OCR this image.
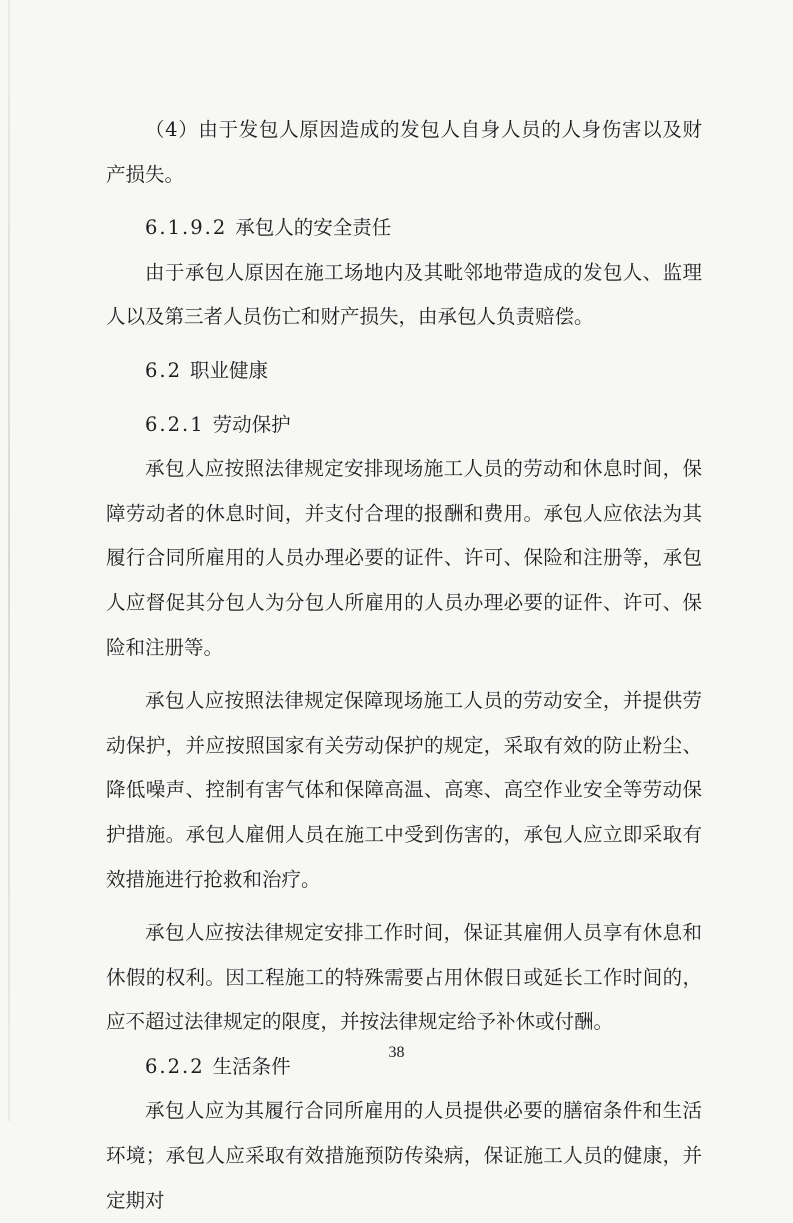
（4）由于发包人原因造成的发包人自身人员的人身伤害以及财产损失。

6.1.9.2 承包人的安全责任

由于承包人原因在施工场地内及其毗邻地带造成的发包人、监理人以及第三者人员伤亡和财产损失，由承包人负责赔偿。

6.2 职业健康

6.2.1 劳动保护

承包人应按照法律规定安排现场施工人员的劳动和休息时间，保障劳动者的休息时间，并支付合理的报酬和费用。承包人应依法为其履行合同所雇用的人员办理必要的证件、许可、保险和注册等，承包人应督促其分包人为分包人所雇用的人员办理必要的证件、许可、保险和注册等。

承包人应按照法律规定保障现场施工人员的劳动安全，并提供劳动保护，并应按照国家有关劳动保护的规定，采取有效的防止粉尘、降低噪声、控制有害气体和保障高温、高寒、高空作业安全等劳动保护措施。承包人雇佣人员在施工中受到伤害的，承包人应立即采取有效措施进行抢救和治疗。

承包人应按法律规定安排工作时间，保证其雇佣人员享有休息和休假的权利。因工程施工的特殊需要占用休假日或延长工作时间的，应不超过法律规定的限度，并按法律规定给予补休或付酬。

6.2.2 生活条件

承包人应为其履行合同所雇用的人员提供必要的膳宿条件和生活环境；承包人应采取有效措施预防传染病，保证施工人员的健康，并定期对

38
